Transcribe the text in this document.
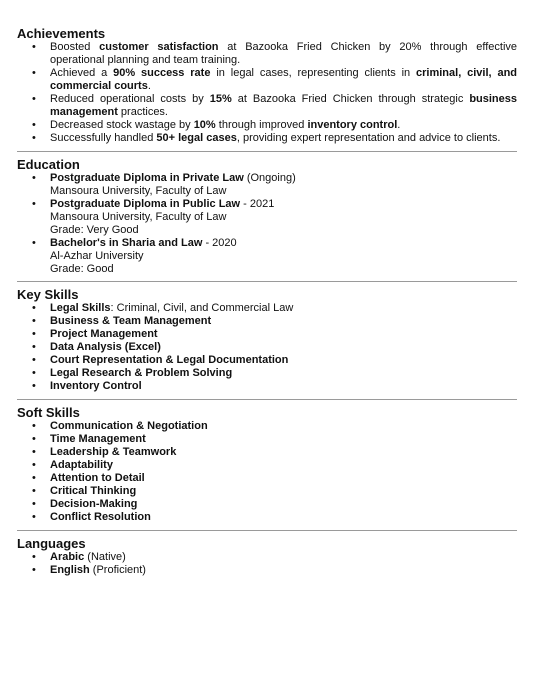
Achievements
• Boosted customer satisfaction at Bazooka Fried Chicken by 20% through effective operational planning and team training.
• Achieved a 90% success rate in legal cases, representing clients in criminal, civil, and commercial courts.
• Reduced operational costs by 15% at Bazooka Fried Chicken through strategic business management practices.
• Decreased stock wastage by 10% through improved inventory control.
• Successfully handled 50+ legal cases, providing expert representation and advice to clients.
Education
• Postgraduate Diploma in Private Law (Ongoing)
Mansoura University, Faculty of Law
• Postgraduate Diploma in Public Law - 2021
Mansoura University, Faculty of Law
Grade: Very Good
• Bachelor's in Sharia and Law - 2020
Al-Azhar University
Grade: Good
Key Skills
• Legal Skills: Criminal, Civil, and Commercial Law
• Business & Team Management
• Project Management
• Data Analysis (Excel)
• Court Representation & Legal Documentation
• Legal Research & Problem Solving
• Inventory Control
Soft Skills
• Communication & Negotiation
• Time Management
• Leadership & Teamwork
• Adaptability
• Attention to Detail
• Critical Thinking
• Decision-Making
• Conflict Resolution
Languages
• Arabic (Native)
• English (Proficient)
